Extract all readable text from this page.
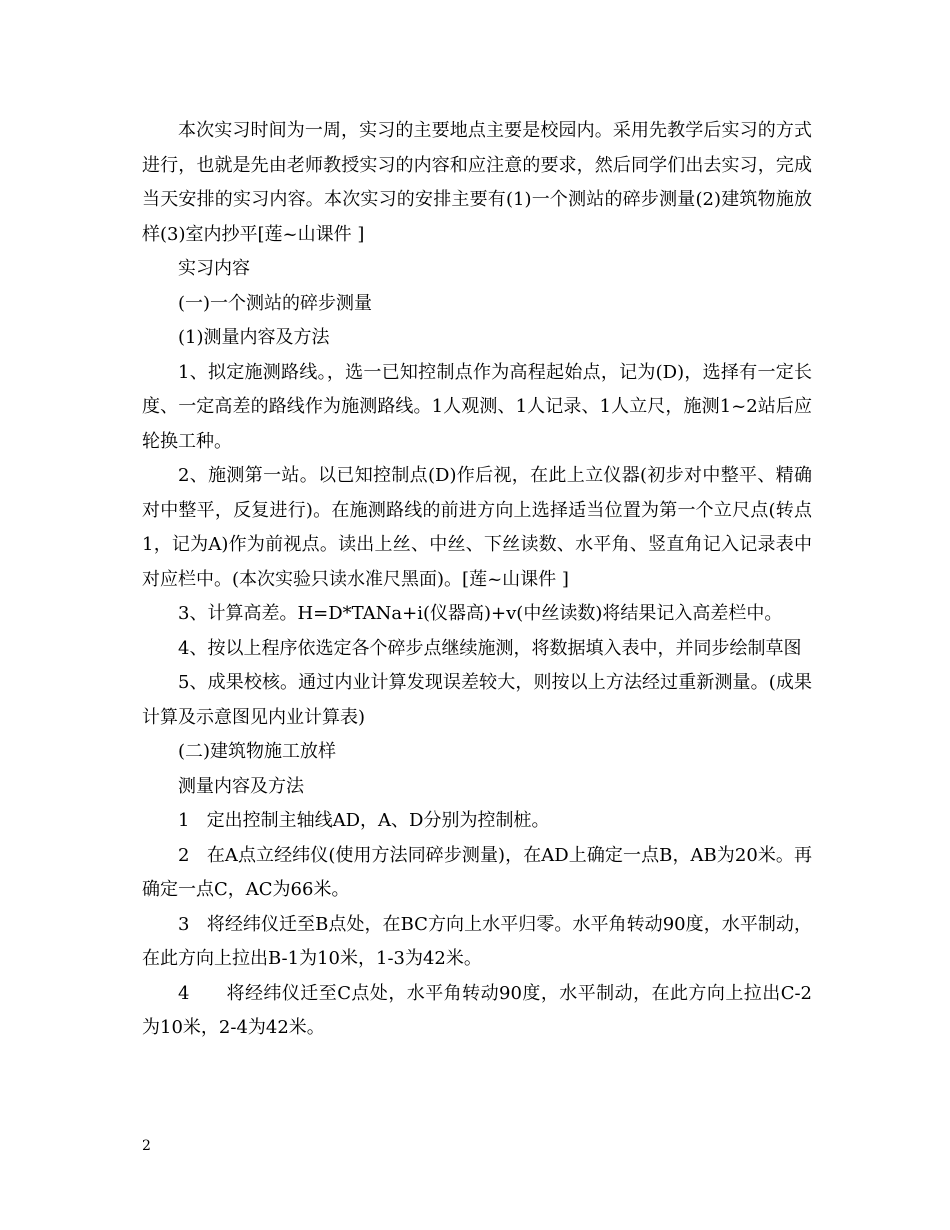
本次实习时间为一周，实习的主要地点主要是校园内。采用先教学后实习的方式进行，也就是先由老师教授实习的内容和应注意的要求，然后同学们出去实习，完成当天安排的实习内容。本次实习的安排主要有(1)一个测站的碎步测量(2)建筑物施放样(3)室内抄平[莲~山课件 ]

实习内容

(一)一个测站的碎步测量

(1)测量内容及方法

1、拟定施测路线。，选一已知控制点作为高程起始点，记为(D)，选择有一定长度、一定高差的路线作为施测路线。1人观测、1人记录、1人立尺，施测1~2站后应轮换工种。

2、施测第一站。以已知控制点(D)作后视，在此上立仪器(初步对中整平、精确对中整平，反复进行)。在施测路线的前进方向上选择适当位置为第一个立尺点(转点1，记为A)作为前视点。读出上丝、中丝、下丝读数、水平角、竖直角记入记录表中对应栏中。(本次实验只读水准尺黑面)。[莲~山课件 ]

3、计算高差。H=D*TANa+i(仪器高)+v(中丝读数)将结果记入高差栏中。

4、按以上程序依选定各个碎步点继续施测，将数据填入表中，并同步绘制草图

5、成果校核。通过内业计算发现误差较大，则按以上方法经过重新测量。(成果计算及示意图见内业计算表)

(二)建筑物施工放样

测量内容及方法

1   定出控制主轴线AD，A、D分别为控制桩。

2   在A点立经纬仪(使用方法同碎步测量)，在AD上确定一点B，AB为20米。再确定一点C，AC为66米。

3   将经纬仪迁至B点处，在BC方向上水平归零。水平角转动90度，水平制动，在此方向上拉出B-1为10米，1-3为42米。

4      将经纬仪迁至C点处，水平角转动90度，水平制动，在此方向上拉出C-2为10米，2-4为42米。

2
